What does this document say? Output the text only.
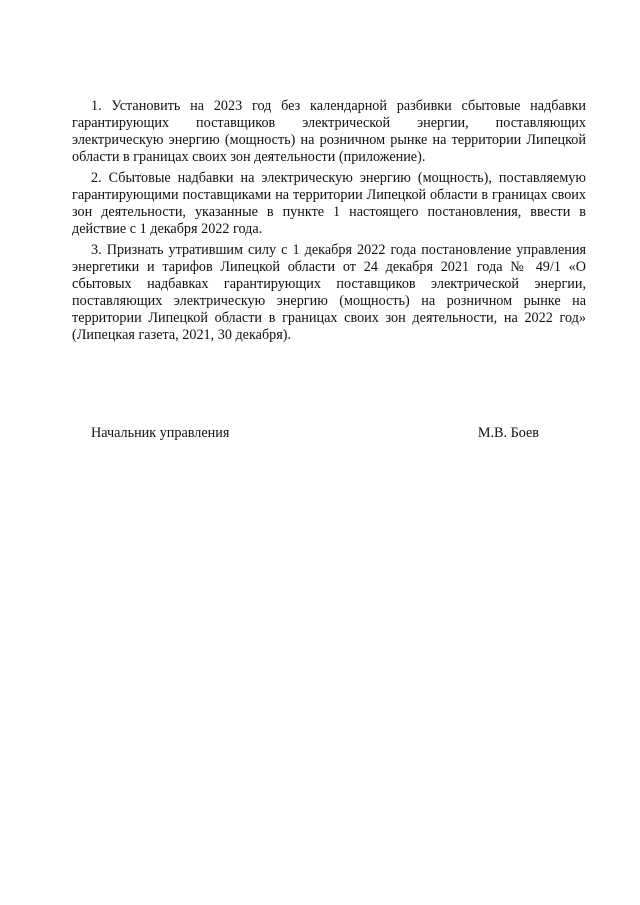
1. Установить на 2023 год без календарной разбивки сбытовые надбавки гарантирующих поставщиков электрической энергии, поставляющих электрическую энергию (мощность) на розничном рынке на территории Липецкой области в границах своих зон деятельности (приложение).

2. Сбытовые надбавки на электрическую энергию (мощность), поставляемую гарантирующими поставщиками на территории Липецкой области в границах своих зон деятельности, указанные в пункте 1 настоящего постановления, ввести в действие с 1 декабря 2022 года.

3. Признать утратившим силу с 1 декабря 2022 года постановление управления энергетики и тарифов Липецкой области от 24 декабря 2021 года № 49/1 «О сбытовых надбавках гарантирующих поставщиков электрической энергии, поставляющих электрическую энергию (мощность) на розничном рынке на территории Липецкой области в границах своих зон деятельности, на 2022 год» (Липецкая газета, 2021, 30 декабря).

Начальник управления	М.В. Боев
